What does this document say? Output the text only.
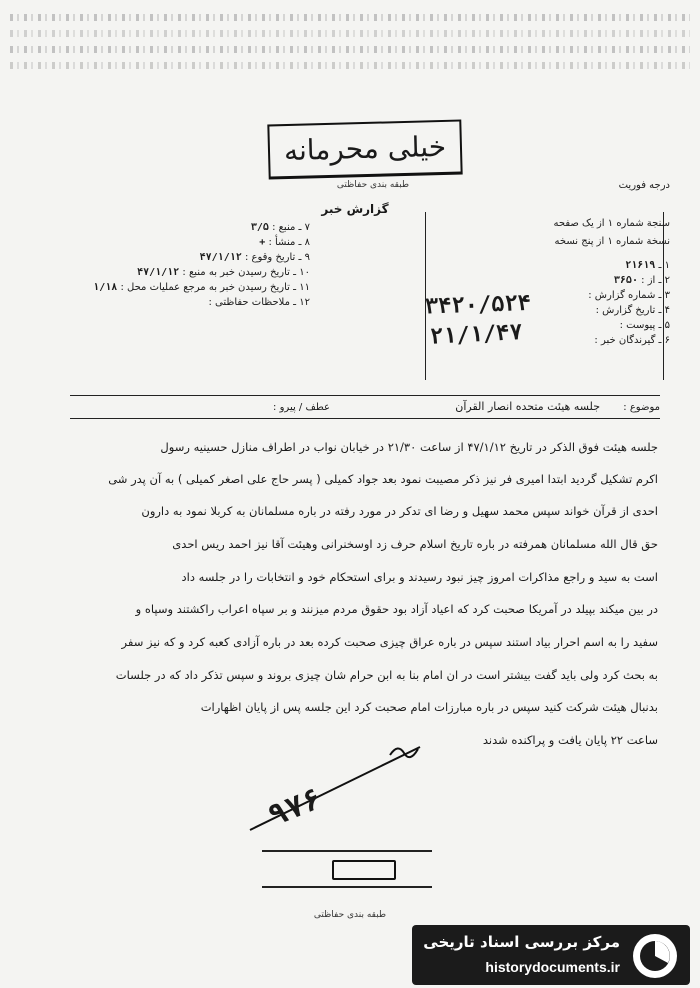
خیلی محرمانه
طبقه بندی حفاظتی	درجه فوریت
گزارش خبر
سنجة شماره ۱ از یک صفحه
نسخة شماره ۱ از پنج نسخه
۷ ـ منبع : ۳/۵
۸ ـ منشأ : +
۹ ـ تاریخ وقوع : ۴۷/۱/۱۲
۱۰ ـ تاریخ رسیدن خبر به منبع : ۴۷/۱/۱۲
۱۱ ـ تاریخ رسیدن خبر به مرجع عملیات محل : ۱/۱۸
۱۲ ـ ملاحظات حفاظتی :
۱ ـ ۲۱۶۱۹
۲ ـ از : ۳۶۵۰
۳ ـ شماره گزارش :
۴ ـ تاریخ گزارش :
۵ ـ پیوست :
۶ ـ گیرندگان خبر :
۳۴۲۰/۵۲۴
۲۱/۱/۴۷
موضوع :
جلسه هیئت متحده انصار القرآن
عطف / پیرو :
جلسه هیئت فوق الذکر در تاریخ ۴۷/۱/۱۲ از ساعت ۲۱/۳۰ در خیابان نواب در اطراف منازل حسینیه رسول
اکرم تشکیل گردید ابتدا امیری فر نیز ذکر مصیبت نمود بعد جواد کمیلی ( پسر حاج علی اصغر کمیلی ) به آن پدر شی
احدی از قرآن خواند سپس محمد سهیل و رضا ای تدکر در مورد رفته در باره مسلمانان به کربلا نمود به دارون
حق قال الله مسلمانان همرفته در باره تاریخ اسلام حرف زد اوسخنرانی وهیئت آقا نیز احمد ریس احدی
است به سید و راجع مذاکرات امروز چیز نبود رسیدند و برای استحکام خود و انتخابات را در جلسه داد
در بین میکند بپیلد در آمریکا صحبت کرد که اعیاد آزاد بود حقوق مردم میزنند و بر سپاه اعراب راکشتند وسپاه و
سفید را به اسم احرار بیاد استند سپس در باره عراق چیزی صحبت کرده بعد در باره آزادی کعبه کرد و که نیز سفر
به بحث کرد ولی باید گفت بیشتر است در ان امام بنا به ابن حرام شان چیزی بروند و سپس تذکر داد که در جلسات
بدنبال هیئت شرکت کنید سپس در باره مبارزات امام صحبت کرد این جلسه پس از پایان اظهارات
ساعت ۲۲ پایان یافت و پراکنده شدند
۹۷۶
طبقه بندی حفاظتی
مرکز بررسی اسناد تاریخی
historydocuments.ir
